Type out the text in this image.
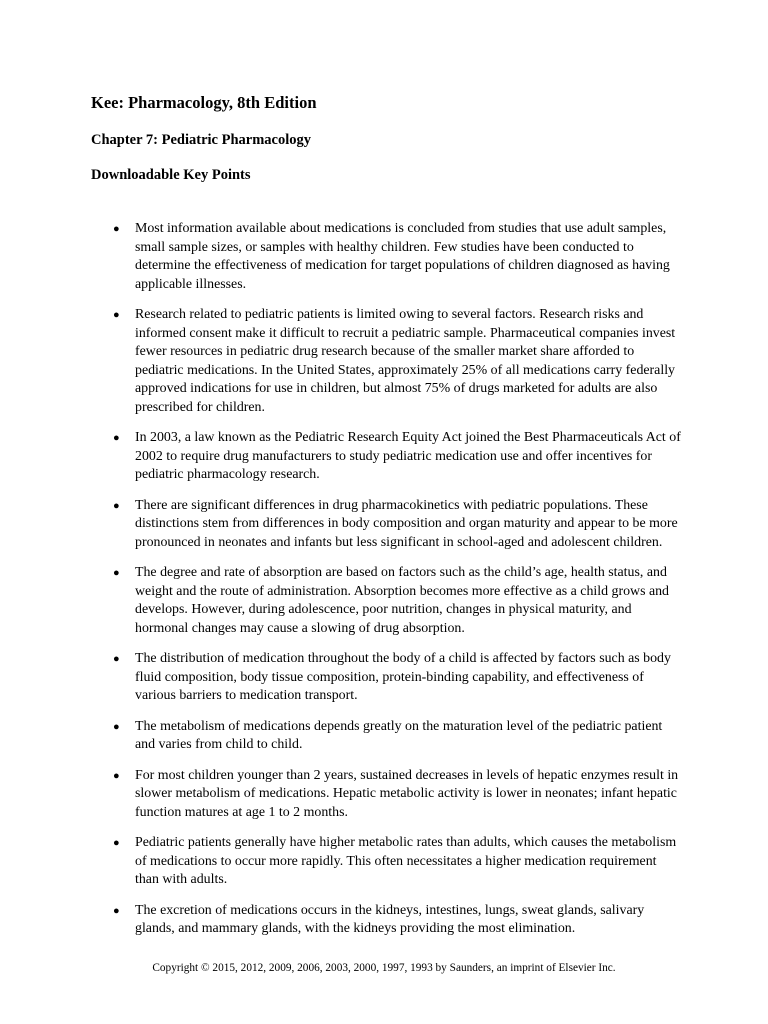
Kee: Pharmacology, 8th Edition
Chapter 7: Pediatric Pharmacology
Downloadable Key Points
● Most information available about medications is concluded from studies that use adult samples, small sample sizes, or samples with healthy children. Few studies have been conducted to determine the effectiveness of medication for target populations of children diagnosed as having applicable illnesses.
● Research related to pediatric patients is limited owing to several factors. Research risks and informed consent make it difficult to recruit a pediatric sample. Pharmaceutical companies invest fewer resources in pediatric drug research because of the smaller market share afforded to pediatric medications. In the United States, approximately 25% of all medications carry federally approved indications for use in children, but almost 75% of drugs marketed for adults are also prescribed for children.
● In 2003, a law known as the Pediatric Research Equity Act joined the Best Pharmaceuticals Act of 2002 to require drug manufacturers to study pediatric medication use and offer incentives for pediatric pharmacology research.
● There are significant differences in drug pharmacokinetics with pediatric populations. These distinctions stem from differences in body composition and organ maturity and appear to be more pronounced in neonates and infants but less significant in school-aged and adolescent children.
● The degree and rate of absorption are based on factors such as the child’s age, health status, and weight and the route of administration. Absorption becomes more effective as a child grows and develops. However, during adolescence, poor nutrition, changes in physical maturity, and hormonal changes may cause a slowing of drug absorption.
● The distribution of medication throughout the body of a child is affected by factors such as body fluid composition, body tissue composition, protein-binding capability, and effectiveness of various barriers to medication transport.
● The metabolism of medications depends greatly on the maturation level of the pediatric patient and varies from child to child.
● For most children younger than 2 years, sustained decreases in levels of hepatic enzymes result in slower metabolism of medications. Hepatic metabolic activity is lower in neonates; infant hepatic function matures at age 1 to 2 months.
● Pediatric patients generally have higher metabolic rates than adults, which causes the metabolism of medications to occur more rapidly. This often necessitates a higher medication requirement than with adults.
● The excretion of medications occurs in the kidneys, intestines, lungs, sweat glands, salivary glands, and mammary glands, with the kidneys providing the most elimination.

Copyright © 2015, 2012, 2009, 2006, 2003, 2000, 1997, 1993 by Saunders, an imprint of Elsevier Inc.
